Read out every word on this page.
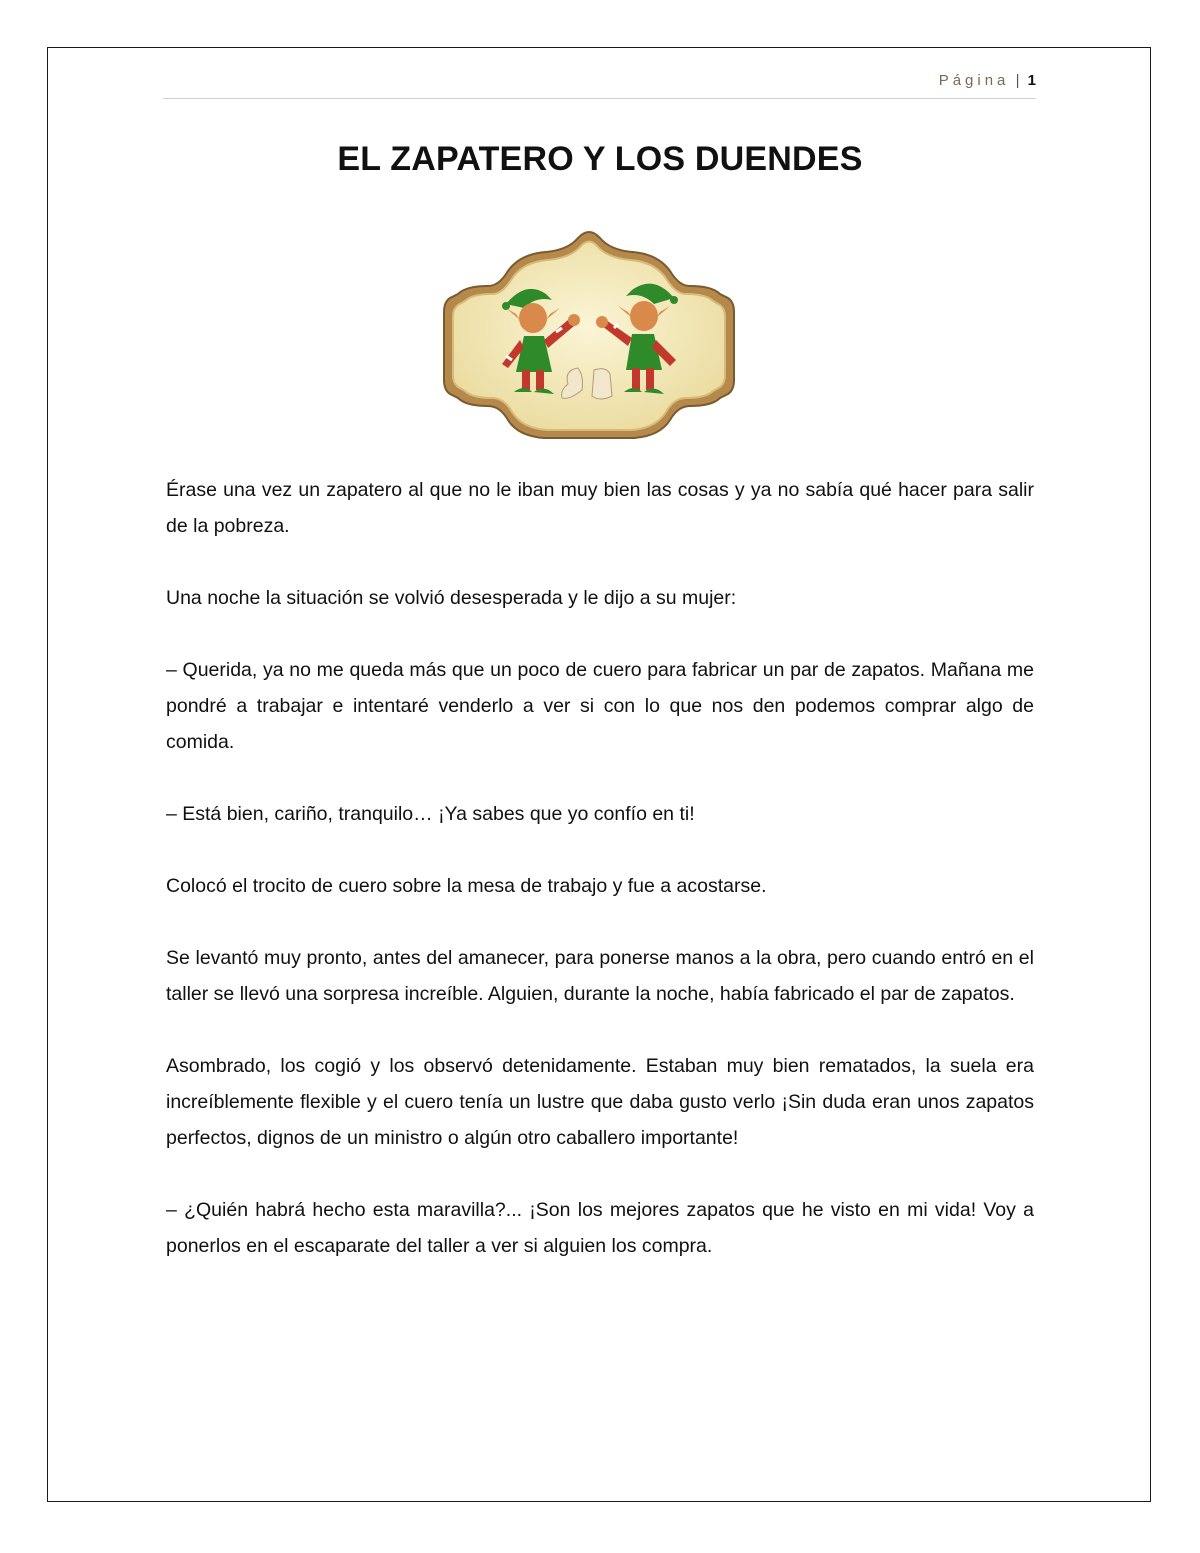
Página | 1
EL ZAPATERO Y LOS DUENDES

Érase una vez un zapatero al que no le iban muy bien las cosas y ya no sabía qué hacer para salir de la pobreza.

Una noche la situación se volvió desesperada y le dijo a su mujer:

– Querida, ya no me queda más que un poco de cuero para fabricar un par de zapatos. Mañana me pondré a trabajar e intentaré venderlo a ver si con lo que nos den podemos comprar algo de comida.

– Está bien, cariño, tranquilo… ¡Ya sabes que yo confío en ti!

Colocó el trocito de cuero sobre la mesa de trabajo y fue a acostarse.

Se levantó muy pronto, antes del amanecer, para ponerse manos a la obra, pero cuando entró en el taller se llevó una sorpresa increíble. Alguien, durante la noche, había fabricado el par de zapatos.

Asombrado, los cogió y los observó detenidamente. Estaban muy bien rematados, la suela era increíblemente flexible y el cuero tenía un lustre que daba gusto verlo ¡Sin duda eran unos zapatos perfectos, dignos de un ministro o algún otro caballero importante!

– ¿Quién habrá hecho esta maravilla?... ¡Son los mejores zapatos que he visto en mi vida! Voy a ponerlos en el escaparate del taller a ver si alguien los compra.
